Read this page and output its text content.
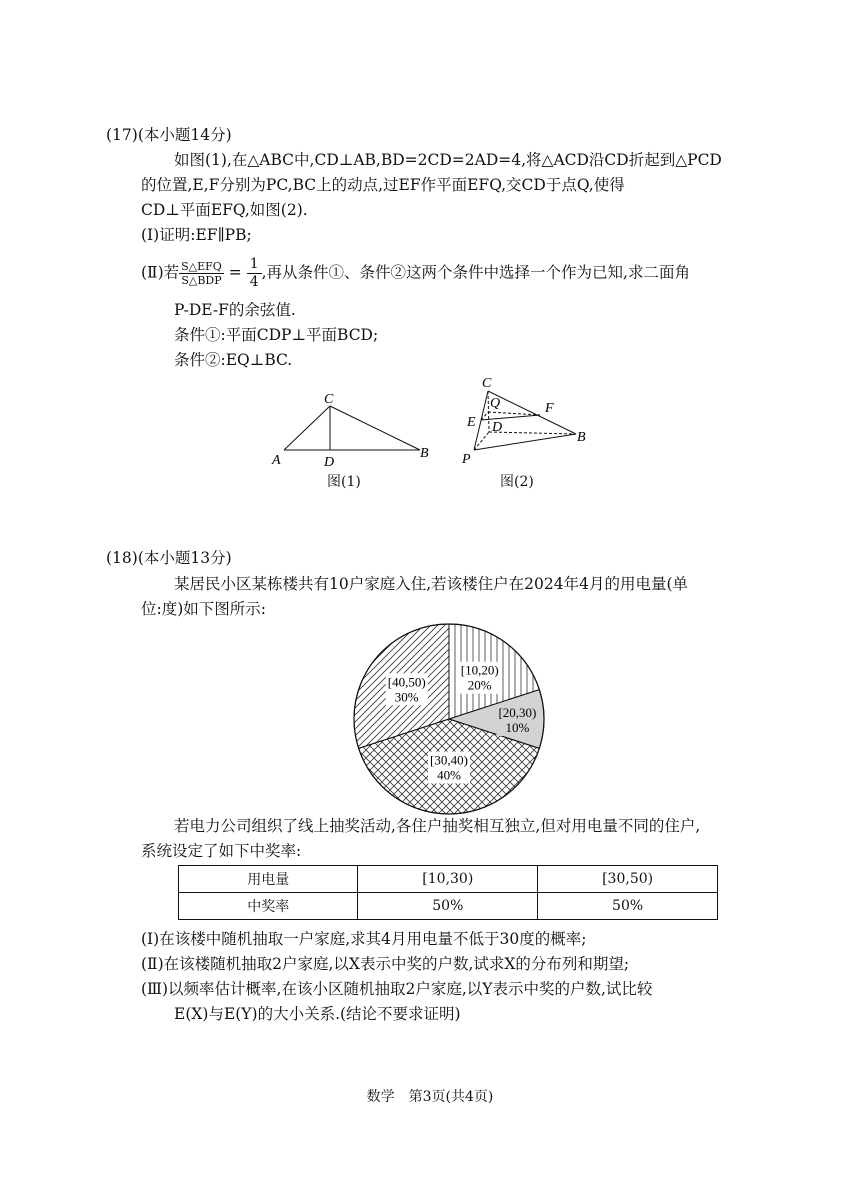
(17)(本小题14分)
如图(1),在△ABC中,CD⊥AB,BD=2CD=2AD=4,将△ACD沿CD折起到△PCD
的位置,E,F分别为PC,BC上的动点,过EF作平面EFQ,交CD于点Q,使得
CD⊥平面EFQ,如图(2).
(Ⅰ)证明:EF∥PB;
(Ⅱ)若 $\frac{\text{S△EFQ}}{\text{S△BDP}} = \frac{1}{4}$ ,再从条件①、条件②这两个条件中选择一个作为已知,求二面角
P-DE-F的余弦值.
条件①:平面CDP⊥平面BCD;
条件②:EQ⊥BC.
C
A	D
B
图(1)
C
Q	F
E D
B
P
图(2)
(18)(本小题13分)
某居民小区某栋楼共有10户家庭入住,若该楼住户在2024年4月的用电量(单
位:度)如下图所示:
[10,20)
20%
[20,30)
10%
[30,40)
40%
[40,50)
30%
若电力公司组织了线上抽奖活动,各住户抽奖相互独立,但对用电量不同的住户,
系统设定了如下中奖率:
用电量	[10,30)	[30,50)
中奖率	50%	50%
(Ⅰ)在该楼中随机抽取一户家庭,求其4月用电量不低于30度的概率;
(Ⅱ)在该楼随机抽取2户家庭,以X表示中奖的户数,试求X的分布列和期望;
(Ⅲ)以频率估计概率,在该小区随机抽取2户家庭,以Y表示中奖的户数,试比较
E(X)与E(Y)的大小关系.(结论不要求证明)
数学　第3页(共4页)
